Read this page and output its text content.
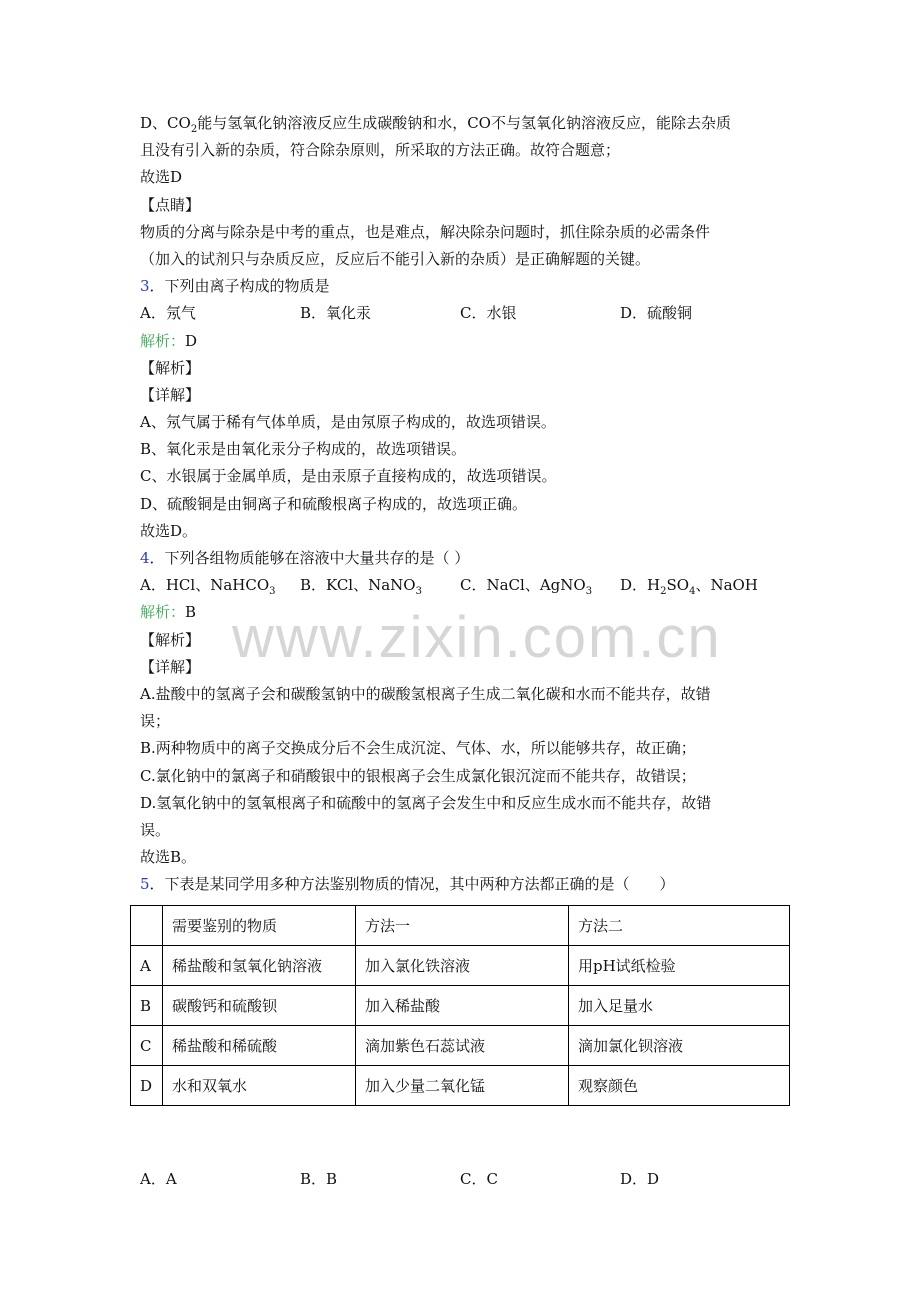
www.zixin.com.cn
D、$CO_2$能与氢氧化钠溶液反应生成碳酸钠和水，CO不与氢氧化钠溶液反应，能除去杂质
且没有引入新的杂质，符合除杂原则，所采取的方法正确。故符合题意；
故选D
【点睛】
物质的分离与除杂是中考的重点，也是难点，解决除杂问题时，抓住除杂质的必需条件
（加入的试剂只与杂质反应，反应后不能引入新的杂质）是正确解题的关键。
3．下列由离子构成的物质是
A．氖气	B．氧化汞	C．水银	D．硫酸铜
解析：D
【解析】
【详解】
A、氖气属于稀有气体单质，是由氖原子构成的，故选项错误。
B、氧化汞是由氧化汞分子构成的，故选项错误。
C、水银属于金属单质，是由汞原子直接构成的，故选项错误。
D、硫酸铜是由铜离子和硫酸根离子构成的，故选项正确。
故选D。
4．下列各组物质能够在溶液中大量共存的是（ ）
A．HCl、NaHCO$_3$	B．KCl、NaNO$_3$	C．NaCl、AgNO$_3$	D．$H_2SO_4$、NaOH
解析：B
【解析】
【详解】
A.盐酸中的氢离子会和碳酸氢钠中的碳酸氢根离子生成二氧化碳和水而不能共存，故错
误；
B.两种物质中的离子交换成分后不会生成沉淀、气体、水，所以能够共存，故正确；
C.氯化钠中的氯离子和硝酸银中的银根离子会生成氯化银沉淀而不能共存，故错误；
D.氢氧化钠中的氢氧根离子和硫酸中的氢离子会发生中和反应生成水而不能共存，故错
误。
故选B。
5．下表是某同学用多种方法鉴别物质的情况，其中两种方法都正确的是（　　）
	需要鉴别的物质	方法一	方法二
A	稀盐酸和氢氧化钠溶液	加入氯化铁溶液	用pH试纸检验
B	碳酸钙和硫酸钡	加入稀盐酸	加入足量水
C	稀盐酸和稀硫酸	滴加紫色石蕊试液	滴加氯化钡溶液
D	水和双氧水	加入少量二氧化锰	观察颜色
A．A	B．B	C．C	D．D
